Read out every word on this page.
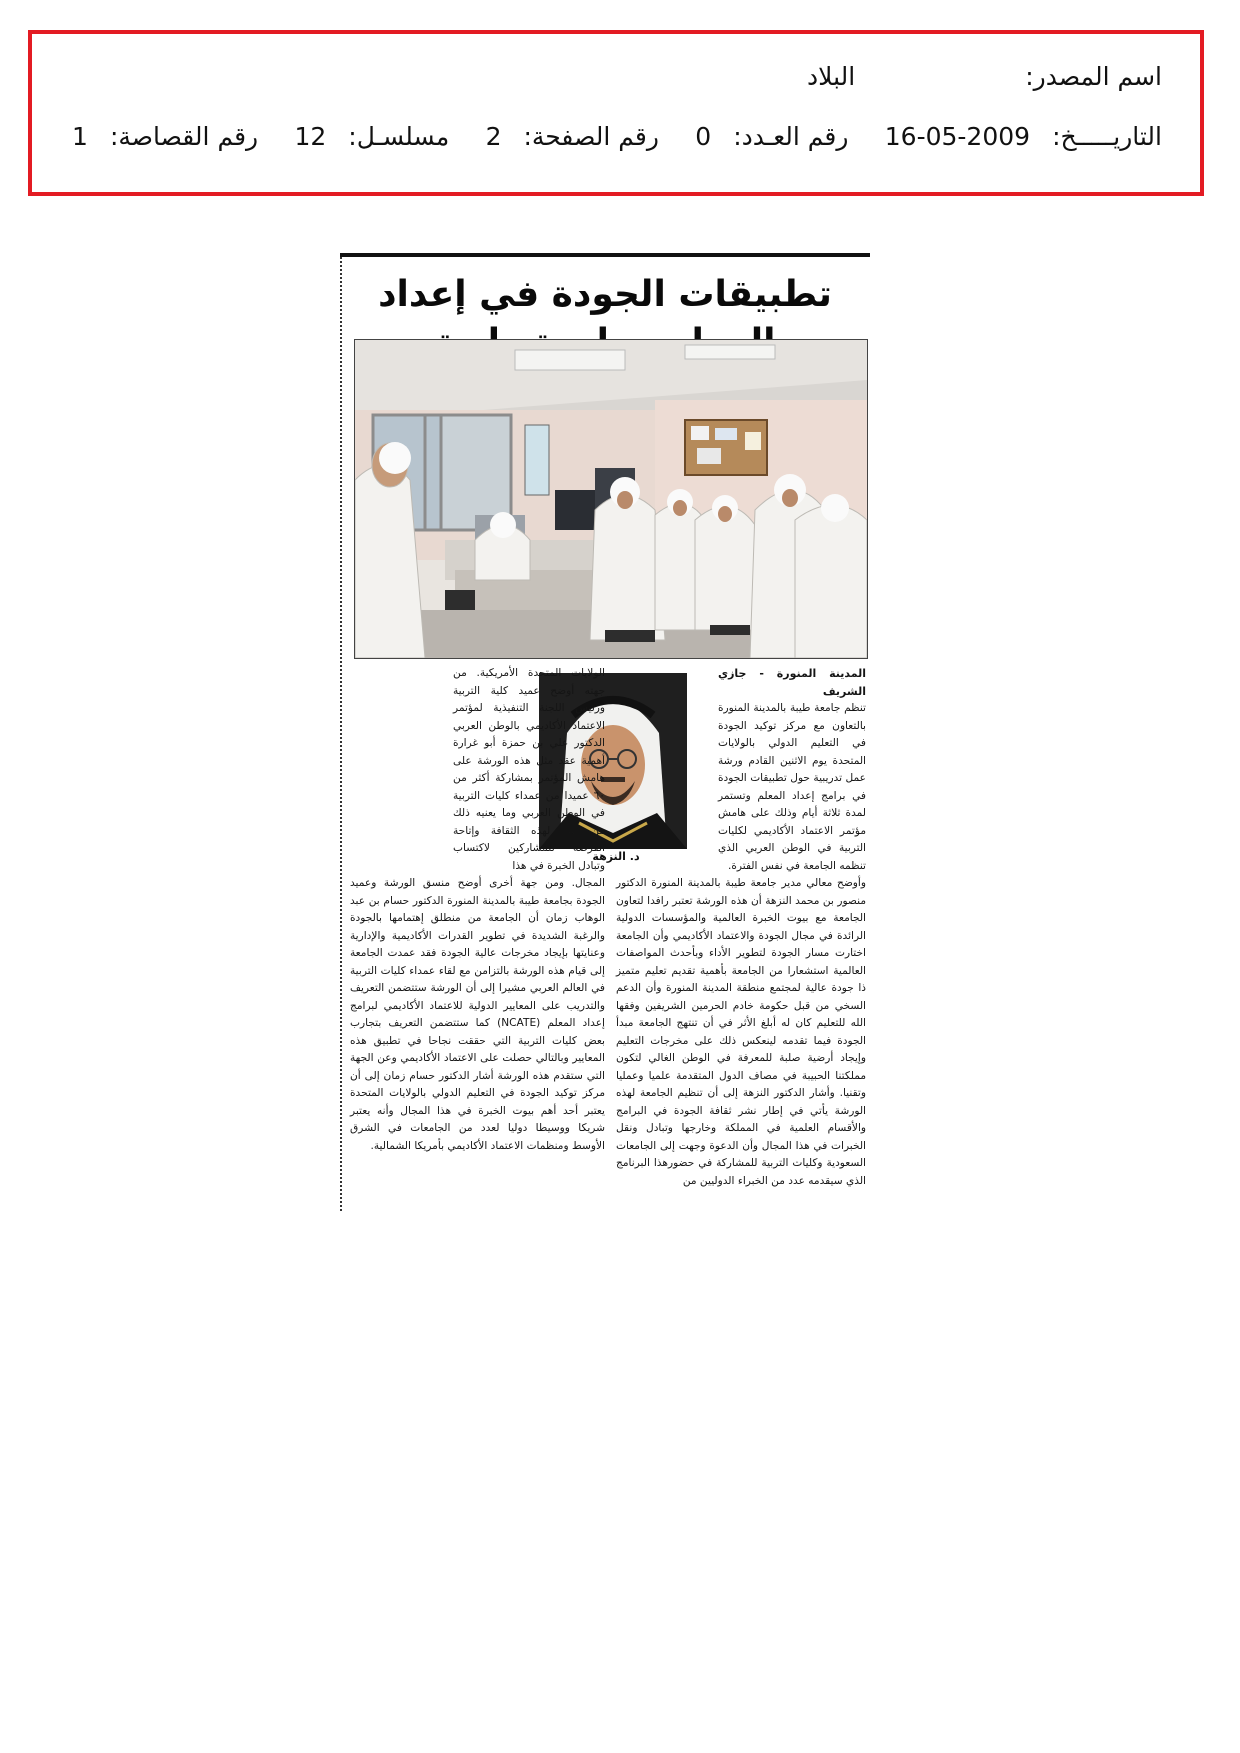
اسم المصدر:
البلاد
التاريـــــخ:
16-05-2009
رقم العـدد:
0
رقم الصفحة:
2
مسلسـل:
12
رقم القصاصة:
1
تطبيقات الجودة في إعداد
د. النزهة

المدينة المنورة - جازي الشريف

تنظم جامعة طيبة بالمدينة المنورة بالتعاون مع مركز توكيد الجودة في التعليم الدولي بالولايات المتحدة يوم الاثنين القادم ورشة عمل تدريبية حول تطبيقات الجودة في برامج إعداد المعلم وتستمر لمدة ثلاثة أيام وذلك على هامش مؤتمر الاعتماد الأكاديمي لكليات التربية في الوطن العربي الذي تنظمه الجامعة في نفس الفترة.

وأوضح معالي مدير جامعة طيبة بالمدينة المنورة الدكتور منصور بن محمد النزهة أن هذه الورشة تعتبر رافدا لتعاون الجامعة مع بيوت الخبرة العالمية والمؤسسات الدولية الرائدة في مجال الجودة والاعتماد الأكاديمي وأن الجامعة اختارت مسار الجودة لتطوير الأداء وبأحدث المواصفات العالمية استشعارا من الجامعة بأهمية تقديم تعليم متميز ذا جودة عالية لمجتمع منطقة المدينة المنورة وأن الدعم السخي من قبل حكومة خادم الحرمين الشريفين وفقها الله للتعليم كان له أبلغ الأثر في أن تنتهج الجامعة مبدأ الجودة فيما تقدمه لينعكس ذلك على مخرجات التعليم وإيجاد أرضية صلبة للمعرفة في الوطن الغالي لتكون مملكتنا الحبيبة في مصاف الدول المتقدمة علميا وعمليا وتقنيا. وأشار الدكتور النزهة إلى أن تنظيم الجامعة لهذه الورشة يأتي في إطار نشر ثقافة الجودة في البرامج والأقسام العلمية في المملكة وخارجها وتبادل ونقل الخبرات في هذا المجال وأن الدعوة وجهت إلى الجامعات السعودية وكليات التربية للمشاركة في حضورهذا البرنامج الذي سيقدمه عدد من الخبراء الدوليين من

الولايات المتحدة الأمريكية. من جهته أوضح عميد كلية التربية ورئيس اللجنة التنفيذية لمؤتمر الاعتماد الأكاديمي بالوطن العربي الدكتور علي بن حمزة أبو غرارة أهمية عقد مثل هذه الورشة على هامش المؤتمر بمشاركة أكثر من ٦٠ عميدا من عمداء كليات التربية في الوطن العربي وما يعنيه ذلك من نشر لهذه الثقافة وإتاحة الفرصة للمشاركين لاكتساب وتبادل الخبرة في هذا

المجال. ومن جهة أخرى أوضح منسق الورشة وعميد الجودة بجامعة طيبة بالمدينة المنورة الدكتور حسام بن عبد الوهاب زمان أن الجامعة من منطلق إهتمامها بالجودة والرغبة الشديدة في تطوير القدرات الأكاديمية والإدارية وعنايتها بإيجاد مخرجات عالية الجودة فقد عمدت الجامعة إلى قيام هذه الورشة بالتزامن مع لقاء عمداء كليات التربية في العالم العربي مشيرا إلى أن الورشة ستتضمن التعريف والتدريب على المعايير الدولية للاعتماد الأكاديمي لبرامج إعداد المعلم (NCATE) كما ستتضمن التعريف بتجارب بعض كليات التربية التي حققت نجاحا في تطبيق هذه المعايير وبالتالي حصلت على الاعتماد الأكاديمي وعن الجهة التي ستقدم هذه الورشة أشار الدكتور حسام زمان إلى أن مركز توكيد الجودة في التعليم الدولي بالولايات المتحدة يعتبر أحد أهم بيوت الخبرة في هذا المجال وأنه يعتبر شريكا ووسيطا دوليا لعدد من الجامعات في الشرق الأوسط ومنظمات الاعتماد الأكاديمي بأمريكا الشمالية.
